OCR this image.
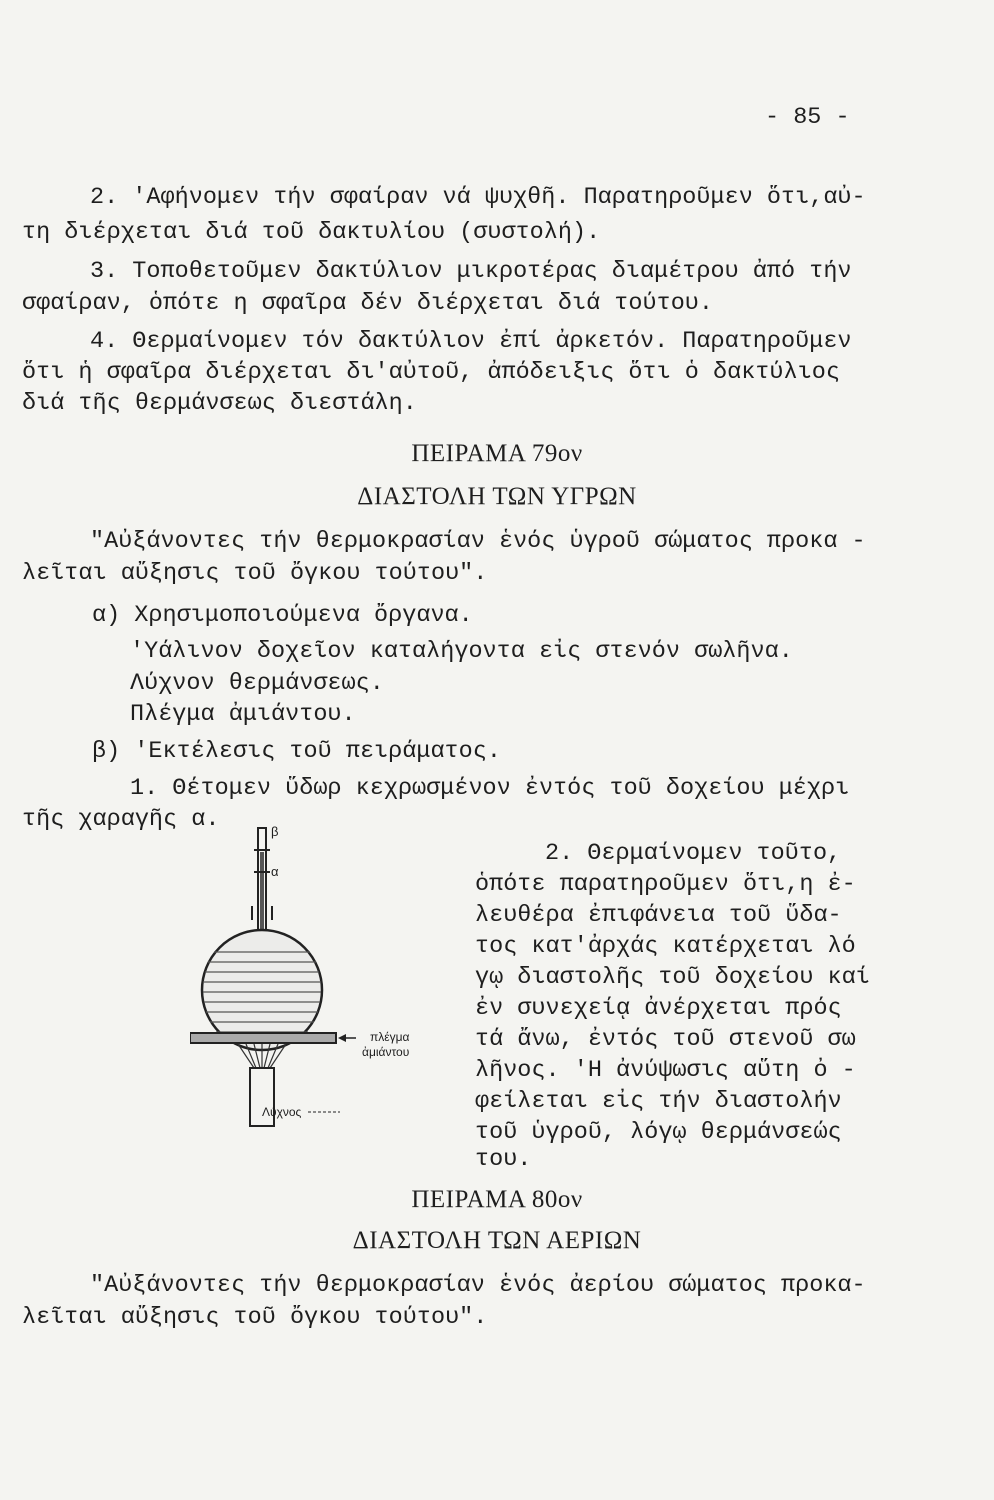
- 85 -
2. 'Αφήνομεν τήν σφαίραν νά ψυχθῆ. Παρατηροῦμεν ὅτι,αὐ-
τη διέρχεται διά τοῦ δακτυλίου (συστολή).
3. Τοποθετοῦμεν δακτύλιον μικροτέρας διαμέτρου ἀπό τήν
σφαίραν, ὁπότε η σφαῖρα δέν διέρχεται διά τούτου.
4. Θερμαίνομεν τόν δακτύλιον ἐπί ἀρκετόν. Παρατηροῦμεν
ὅτι ἡ σφαῖρα διέρχεται δι'αὐτοῦ, ἀπόδειξις ὅτι ὁ δακτύλιος
διά τῆς θερμάνσεως διεστάλη.
ΠΕΙΡΑΜΑ 79ον
ΔΙΑΣΤΟΛΗ ΤΩΝ ΥΓΡΩΝ
"Αὐξάνοντες τήν θερμοκρασίαν ἑνός ὑγροῦ σώματος προκα -
λεῖται αὔξησις τοῦ ὄγκου τούτου".
α) Χρησιμοποιούμενα ὄργανα.
'Υάλινον δοχεῖον καταλήγοντα εἰς στενόν σωλῆνα.
Λύχνον θερμάνσεως.
Πλέγμα ἀμιάντου.
β) 'Εκτέλεσις τοῦ πειράματος.
1. Θέτομεν ὕδωρ κεχρωσμένον ἐντός τοῦ δοχείου μέχρι
τῆς χαραγῆς α.	β
α
πλέγμα
ἀμιάντου
Λύχνος
2. Θερμαίνομεν τοῦτο,
ὁπότε παρατηροῦμεν ὅτι,η ἐ-
λευθέρα ἐπιφάνεια τοῦ ὕδα-
τος κατ'ἀρχάς κατέρχεται λό
γῳ διαστολῆς τοῦ δοχείου καί
ἐν συνεχείᾳ ἀνέρχεται πρός
τά ἄνω, ἐντός τοῦ στενοῦ σω
λῆνος. 'Η ἀνύψωσις αὕτη ὀ -
φείλεται εἰς τήν διαστολήν
τοῦ ὑγροῦ, λόγῳ θερμάνσεώς
του.
ΠΕΙΡΑΜΑ 80ον
ΔΙΑΣΤΟΛΗ ΤΩΝ ΑΕΡΙΩΝ
"Αὐξάνοντες τήν θερμοκρασίαν ἑνός ἀερίου σώματος προκα-
λεῖται αὔξησις τοῦ ὄγκου τούτου".
